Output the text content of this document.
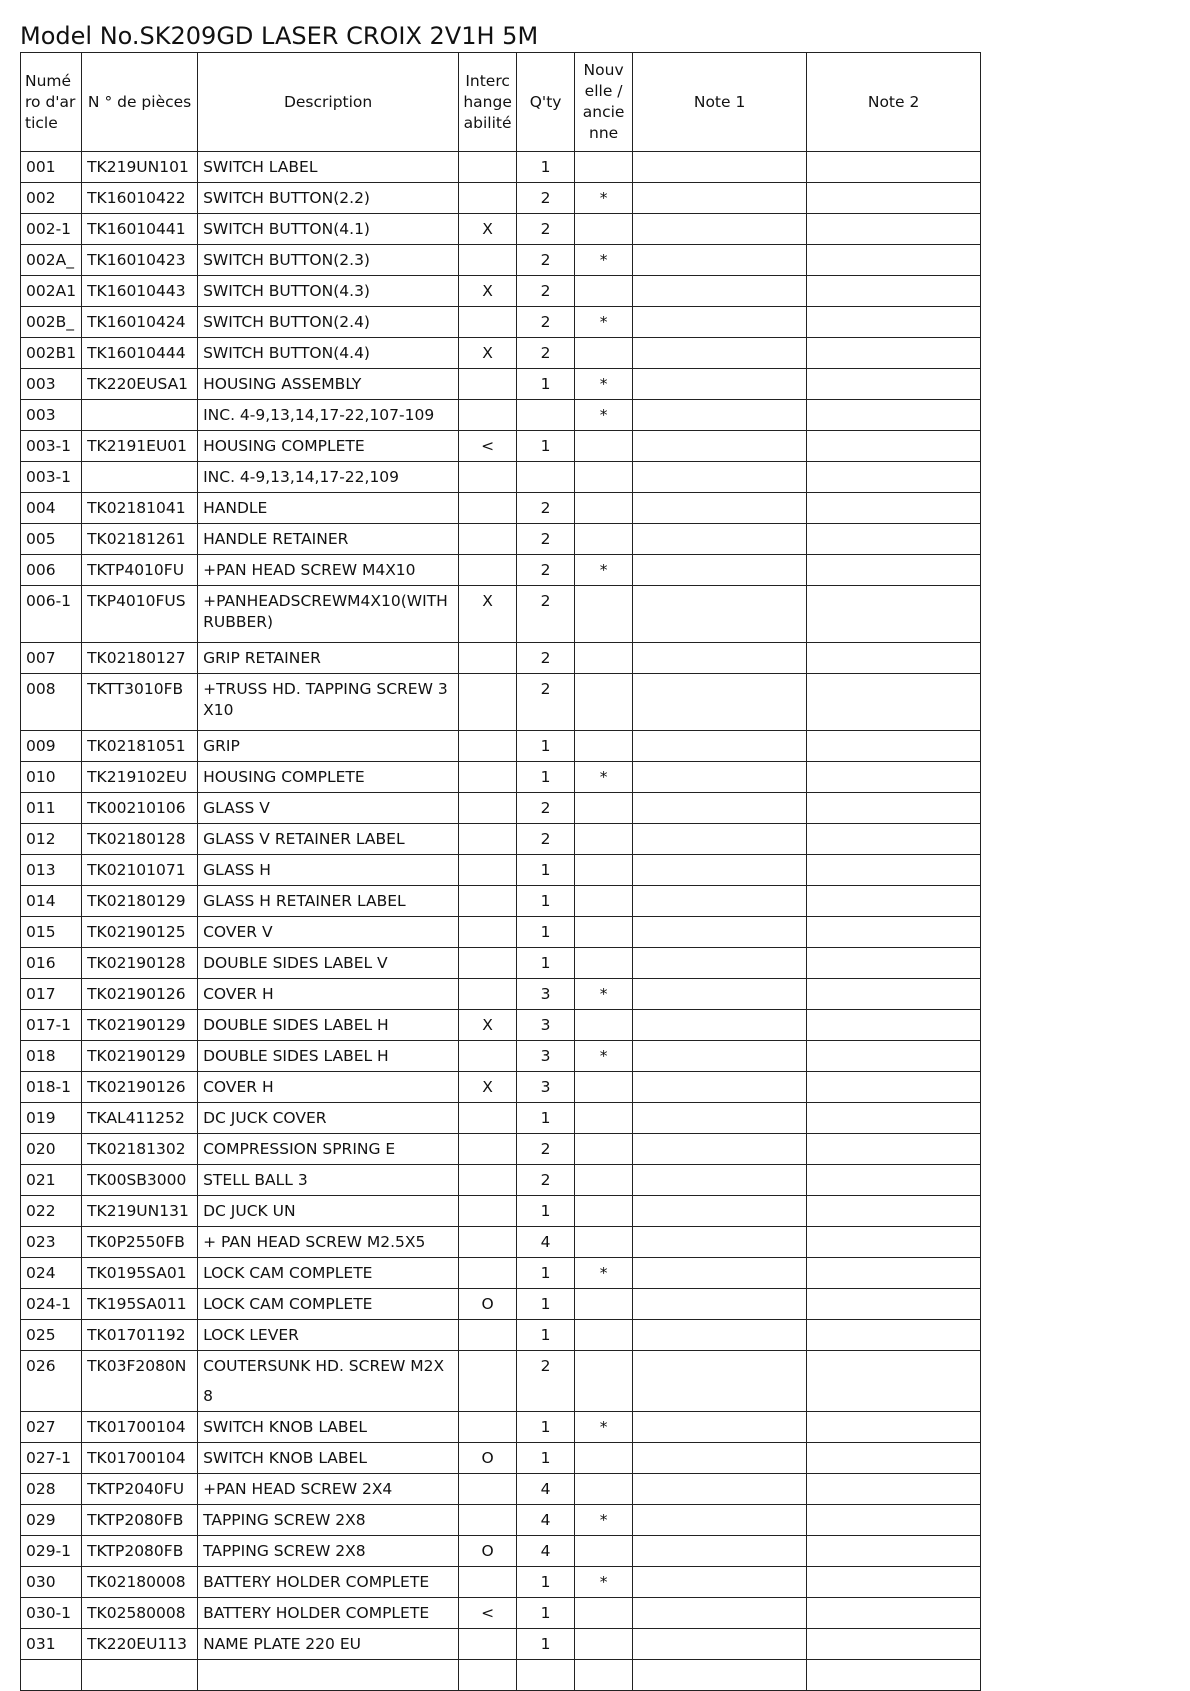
Model No.SK209GD LASER CROIX 2V1H 5M
Numéro d'article	N ° de pièces	Description	Interchangeabilité	Q'ty	Nouvelle / ancienne	Note 1	Note 2
001	TK219UN101	SWITCH LABEL		1			
002	TK16010422	SWITCH BUTTON(2.2)		2	*		
002-1	TK16010441	SWITCH BUTTON(4.1)	X	2			
002A_	TK16010423	SWITCH BUTTON(2.3)		2	*		
002A1	TK16010443	SWITCH BUTTON(4.3)	X	2			
002B_	TK16010424	SWITCH BUTTON(2.4)		2	*		
002B1	TK16010444	SWITCH BUTTON(4.4)	X	2			
003	TK220EUSA1	HOUSING ASSEMBLY		1	*		
003		INC. 4-9,13,14,17-22,107-109			*		
003-1	TK2191EU01	HOUSING COMPLETE	<	1			
003-1		INC. 4-9,13,14,17-22,109					
004	TK02181041	HANDLE		2			
005	TK02181261	HANDLE RETAINER		2			
006	TKTP4010FU	+PAN HEAD SCREW M4X10		2	*		
006-1	TKP4010FUS	+PANHEADSCREWM4X10(WITHRUBBER)	X	2			
007	TK02180127	GRIP RETAINER		2			
008	TKTT3010FB	+TRUSS HD. TAPPING SCREW 3X10		2			
009	TK02181051	GRIP		1			
010	TK219102EU	HOUSING COMPLETE		1	*		
011	TK00210106	GLASS V		2			
012	TK02180128	GLASS V RETAINER LABEL		2			
013	TK02101071	GLASS H		1			
014	TK02180129	GLASS H RETAINER LABEL		1			
015	TK02190125	COVER V		1			
016	TK02190128	DOUBLE SIDES LABEL V		1			
017	TK02190126	COVER H		3	*		
017-1	TK02190129	DOUBLE SIDES LABEL H	X	3			
018	TK02190129	DOUBLE SIDES LABEL H		3	*		
018-1	TK02190126	COVER H	X	3			
019	TKAL411252	DC JUCK COVER		1			
020	TK02181302	COMPRESSION SPRING E		2			
021	TK00SB3000	STELL BALL 3		2			
022	TK219UN131	DC JUCK UN		1			
023	TK0P2550FB	+ PAN HEAD SCREW M2.5X5		4			
024	TK0195SA01	LOCK CAM COMPLETE		1	*		
024-1	TK195SA011	LOCK CAM COMPLETE	O	1			
025	TK01701192	LOCK LEVER		1			
026	TK03F2080N	COUTERSUNK HD. SCREW M2X8		2			
027	TK01700104	SWITCH KNOB LABEL		1	*		
027-1	TK01700104	SWITCH KNOB LABEL	O	1			
028	TKTP2040FU	+PAN HEAD SCREW 2X4		4			
029	TKTP2080FB	TAPPING SCREW 2X8		4	*		
029-1	TKTP2080FB	TAPPING SCREW 2X8	O	4			
030	TK02180008	BATTERY HOLDER COMPLETE		1	*		
030-1	TK02580008	BATTERY HOLDER COMPLETE	<	1			
031	TK220EU113	NAME PLATE 220 EU		1			
